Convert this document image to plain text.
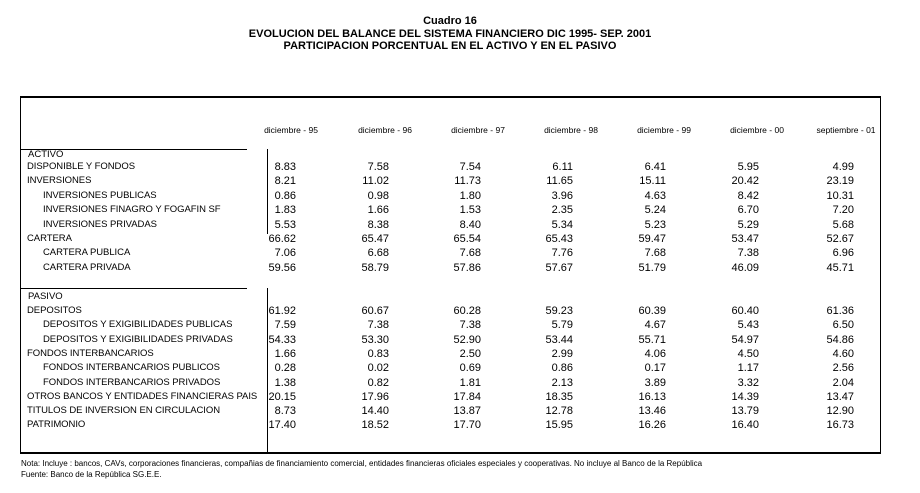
Cuadro 16
EVOLUCION DEL BALANCE DEL SISTEMA FINANCIERO DIC 1995- SEP. 2001
PARTICIPACION PORCENTUAL EN EL ACTIVO Y EN EL PASIVO
ACTIVO
PASIVO
diciembre - 95	diciembre - 96	diciembre - 97	diciembre - 98	diciembre - 99	diciembre - 00	septiembre - 01
DISPONIBLE Y FONDOS	8.83	7.58	7.54	6.11	6.41	5.95	4.99
INVERSIONES	8.21	11.02	11.73	11.65	15.11	20.42	23.19
INVERSIONES PUBLICAS	0.86	0.98	1.80	3.96	4.63	8.42	10.31
INVERSIONES FINAGRO Y FOGAFIN SF	1.83	1.66	1.53	2.35	5.24	6.70	7.20
INVERSIONES PRIVADAS	5.53	8.38	8.40	5.34	5.23	5.29	5.68
CARTERA	66.62	65.47	65.54	65.43	59.47	53.47	52.67
CARTERA PUBLICA	7.06	6.68	7.68	7.76	7.68	7.38	6.96
CARTERA PRIVADA	59.56	58.79	57.86	57.67	51.79	46.09	45.71
DEPOSITOS	61.92	60.67	60.28	59.23	60.39	60.40	61.36
DEPOSITOS Y EXIGIBILIDADES PUBLICAS	7.59	7.38	7.38	5.79	4.67	5.43	6.50
DEPOSITOS Y EXIGIBILIDADES PRIVADAS	54.33	53.30	52.90	53.44	55.71	54.97	54.86
FONDOS INTERBANCARIOS	1.66	0.83	2.50	2.99	4.06	4.50	4.60
FONDOS INTERBANCARIOS PUBLICOS	0.28	0.02	0.69	0.86	0.17	1.17	2.56
FONDOS INTERBANCARIOS PRIVADOS	1.38	0.82	1.81	2.13	3.89	3.32	2.04
OTROS BANCOS Y ENTIDADES FINANCIERAS PAIS	20.15	17.96	17.84	18.35	16.13	14.39	13.47
TITULOS DE INVERSION EN CIRCULACION	8.73	14.40	13.87	12.78	13.46	13.79	12.90
PATRIMONIO	17.40	18.52	17.70	15.95	16.26	16.40	16.73
Nota: Incluye : bancos, CAVs, corporaciones financieras, compañias de financiamiento comercial, entidades financieras oficiales especiales y cooperativas. No incluye al Banco de la República
Fuente: Banco de la República SG.E.E.
